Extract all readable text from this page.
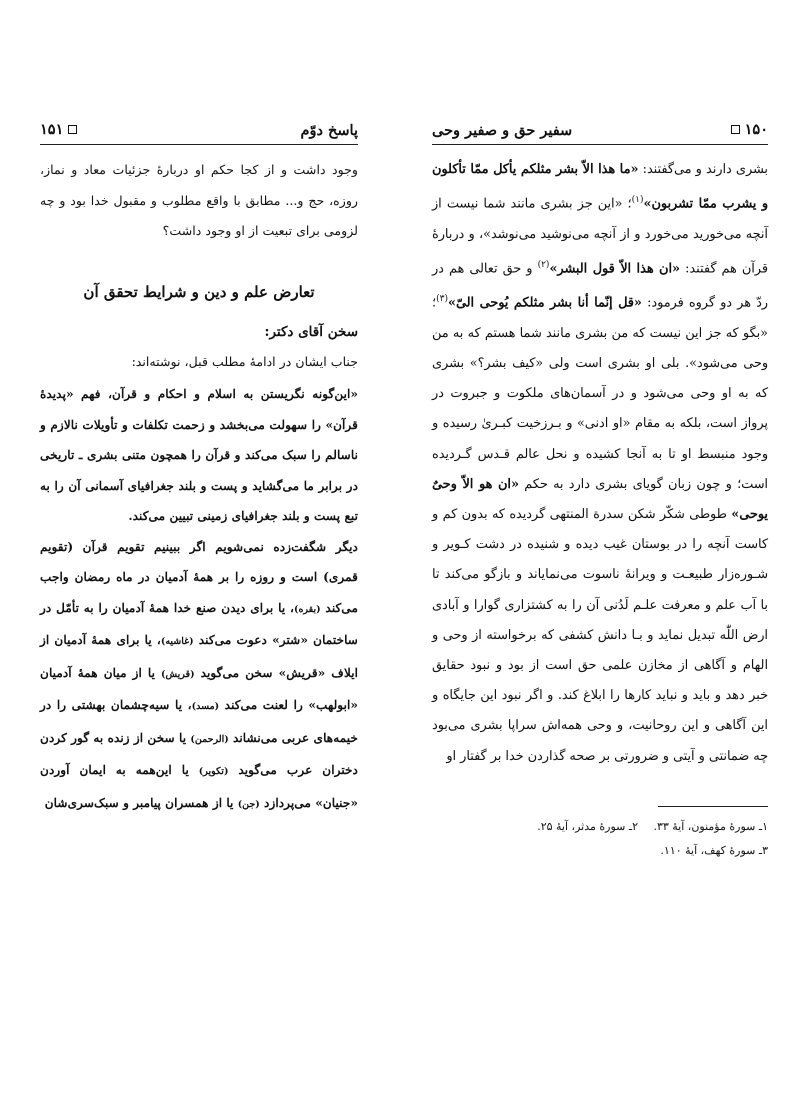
پاسخ دوّم
۱۵۱

وجود داشت و از کجا حکم او دربارۀ جزئیات معاد و نماز، روزه، حج و... مطابق با واقع مطلوب و مقبول خدا بود و چه لزومی برای تبعیت از او وجود داشت؟

تعارض علم و دین و شرایط تحقق آن
سخن آقای دکتر:

جناب ایشان در ادامۀ مطلب قبل، نوشته‌اند:

«این‌گونه نگریستن به اسلام و احکام و قرآن، فهم «پدیدۀ قرآن» را سهولت می‌بخشد و زحمت تکلفات و تأویلات نالازم و ناسالم را سبک می‌کند و قرآن را همچون متنی بشری ـ تاریخی در برابر ما می‌گشاید و پست و بلند جغرافیای آسمانی آن را به تبع پست و بلند جغرافیای زمینی تبیین می‌کند.

دیگر شگفت‌زده نمی‌شویم اگر ببینیم تقویم قرآن (تقویم قمری) است و روزه را بر همۀ آدمیان در ماه رمضان واجب می‌کند (بقره)، یا برای دیدن صنع خدا همۀ آدمیان را به تأمّل در ساختمان «شتر» دعوت می‌کند (غاشیه)، یا برای همۀ آدمیان از ایلاف «قریش» سخن می‌گوید (قریش) یا از میان همۀ آدمیان «ابولهب» را لعنت می‌کند (مسد)، یا سیه‌چشمان بهشتی را در خیمه‌های عربی می‌نشاند (الرحمن) یا سخن از زنده به گور کردن دختران عرب می‌گوید (تکویر) یا این‌همه به ایمان آوردن «جنیان» می‌پردازد (جن) یا از همسران پیامبر و سبک‌سری‌شان

۱۵۰
سفیر حق و صفیر وحی

بشری دارند و می‌گفتند: «ما هذا الاّ بشر مثلکم یأکل ممّا تأکلون و یشرب ممّا تشربون»$^{(۱)}$؛ «این جز بشری مانند شما نیست از آنچه می‌خورید می‌خورد و از آنچه می‌نوشید می‌نوشد»، و دربارۀ قرآن هم گفتند: «ان هذا الاّ قول البشر»$^{(۲)}$ و حق تعالی هم در ردّ هر دو گروه فرمود: «قل إنّما أنا بشر مثلکم یُوحی الیّ»$^{(۳)}$؛ «بگو که جز این نیست که من بشری مانند شما هستم که به من وحی می‌شود». بلی او بشری است ولی «کیف بشر؟» بشری که به او وحی می‌شود و در آسمان‌های ملکوت و جبروت در پرواز است، بلکه به مقام «او ادنی» و بـرزخیت کبـریٰ رسیده و وجود منبسط او تا به آنجا کشیده و نحل عالم قـدس گـردیده است؛ و چون زبان گویای بشری دارد به حکم «ان هو الاّ وحیٌ یوحی» طوطی شکّر شکن سدرة المنتهی گردیده که بدون کم و کاست آنچه را در بوستان غیب دیده و شنیده در دشت کـویر و شـوره‌زار طبیعـت و ویرانۀ ناسوت می‌نمایاند و بازگو می‌کند تا با آب علم و معرفت علـم لَدُنی آن را به کشتزاری گوارا و آبادی ارض اللّٰه تبدیل نماید و بـا دانش کشفی که برخواسته از وحی و الهام و آگاهی از مخازن علمی حق است از بود و نبود حقایق خبر دهد و باید و نباید کارها را ابلاغ کند. و اگر نبود این جایگاه و این آگاهی و این روحانیت، و وحی همه‌اش سراپا بشری می‌بود چه ضمانتی و آیتی و ضرورتی بر صحه گذاردن خدا بر گفتار او

۱ـ سورۀ مؤمنون، آیۀ ۳۳.
۲ـ سورۀ مدثر، آیۀ ۲۵.
۳ـ سورۀ کهف، آیۀ ۱۱۰.
